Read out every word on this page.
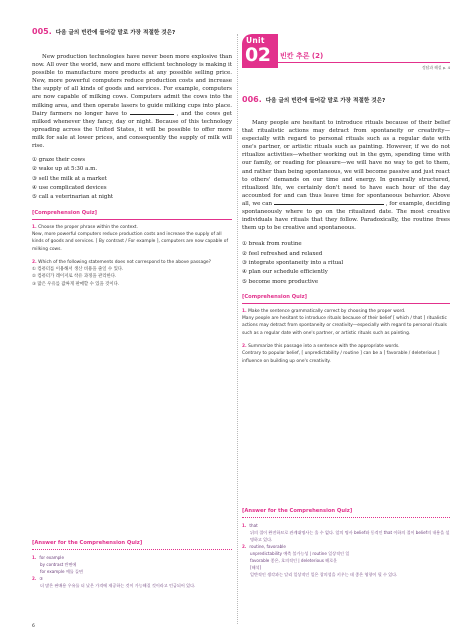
005. 다음 글의 빈칸에 들어갈 말로 가장 적절한 것은?
New production technologies have never been more explosive than now. All over the world, new and more efficient technology is making it possible to manufacture more products at any possible selling price. New, more powerful computers reduce production costs and increase the supply of all kinds of goods and services. For example, computers are now capable of milking cows. Computers admit the cows into the milking area, and then operate lasers to guide milking cups into place. Dairy farmers no longer have to	, and the cows get milked whenever they fancy, day or night. Because of this technology spreading across the United States, it will be possible to offer more milk for sale at lower prices, and consequently the supply of milk will rise.
① graze their cows
② wake up at 5:30 a.m.
③ sell the milk at a market
④ use complicated devices
⑤ call a veterinarian at night
[Comprehension Quiz]
1. Choose the proper phrase within the context.
New, more powerful computers reduce production costs and increase the supply of all kinds of goods and services. [ By contrast / For example ], computers are now capable of milking cows.
2. Which of the following statements does not correspond to the above passage?
① 컴퓨터를 이용해서 생산 비용을 줄일 수 있다.
② 컴퓨터가 레이저로 착유 과정을 관리한다.
③ 많은 우유를 값싸게 판매할 수 있을 것이다.
[Answer for the Comprehension Quiz]
1. for example
by contrast 반면에
for example 예를 들면
2. ③
더 많은 판매용 우유를 더 낮은 가격에 제공하는 것이 가능해질 것이라고 언급되어 있다.
Unit
02 빈칸 추론 (2)
정답과 해설 p. 4
006. 다음 글의 빈칸에 들어갈 말로 가장 적절한 것은?
Many people are hesitant to introduce rituals because of their belief that ritualistic actions may detract from spontaneity or creativity—especially with regard to personal rituals such as a regular date with one's partner, or artistic rituals such as painting. However, if we do not ritualize activities—whether working out in the gym, spending time with our family, or reading for pleasure—we will have no way to get to them, and rather than being spontaneous, we will become passive and just react to others' demands on our time and energy. In generally structured, ritualized life, we certainly don't need to have each hour of the day accounted for and can thus leave time for spontaneous behavior. Above all, we can	, for example, deciding spontaneously where to go on the ritualized date. The most creative individuals have rituals that they follow. Paradoxically, the routine frees them up to be creative and spontaneous.
① break from routine
② feel refreshed and relaxed
③ integrate spontaneity into a ritual
④ plan our schedule efficiently
⑤ become more productive
[Comprehension Quiz]
1. Make the sentence grammatically correct by choosing the proper word.
Many people are hesitant to introduce rituals because of their belief [ which / that ] ritualistic actions may detract from spontaneity or creativity—especially with regard to personal rituals such as a regular date with one's partner, or artistic rituals such as painting.
2. Summarize this passage into a sentence with the appropriate words.
Contrary to popular belief, [ unpredictability / routine ] can be a [ favorable / deleterious ] influence on building up one's creativity.
[Answer for the Comprehension Quiz]
1. that
뒤의 절이 완전하므로 관계대명사는 올 수 없다. 앞의 명사 belief와 동격인 that 이하의 절이 belief의 내용을 설명하고 있다.
2. routine, favorable
unpredictability 예측 불가능성 | routine 일상적인 일
favorable 좋은, 호의적인 | deleterious 해로운
[해석]
일반적인 생각과는 달리 일상적인 일은 창의성을 키우는 데 좋은 영향이 될 수 있다.
6
